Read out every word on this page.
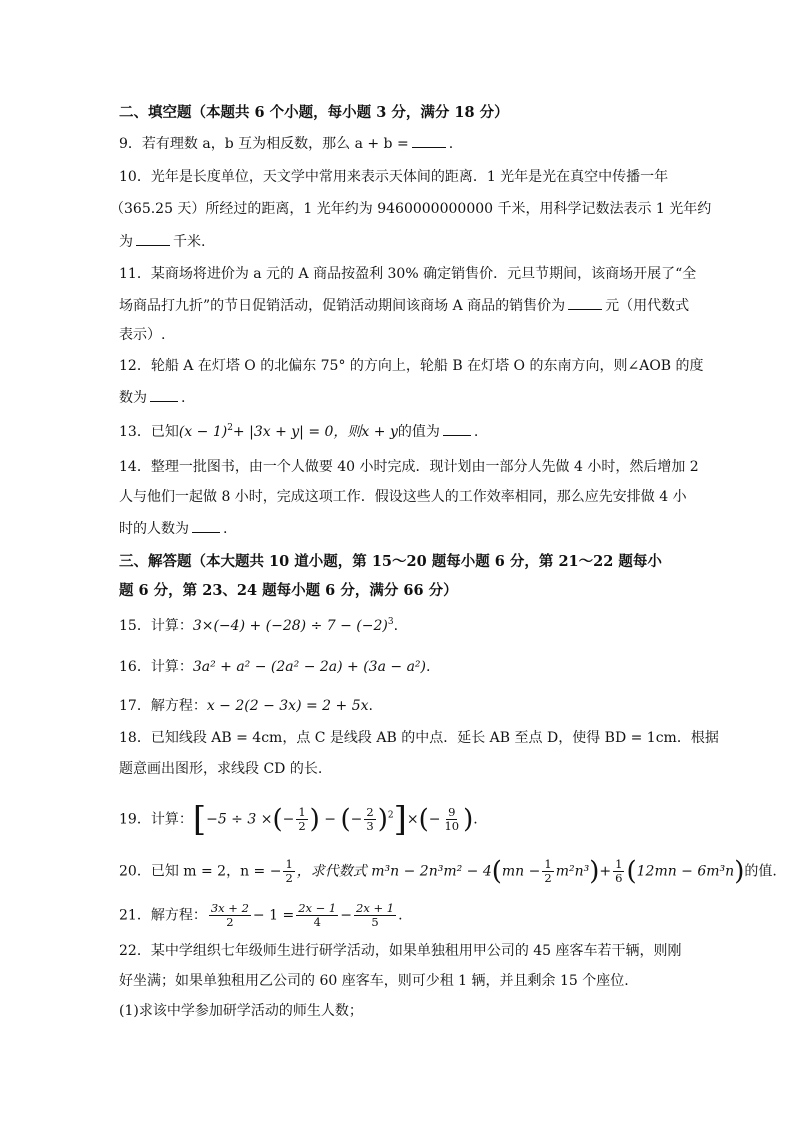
二、填空题（本题共 6 个小题，每小题 3 分，满分 18 分）
9．若有理数 a，b 互为相反数，那么 a + b =	.
10．光年是长度单位，天文学中常用来表示天体间的距离．1 光年是光在真空中传播一年
（365.25 天）所经过的距离，1 光年约为 9460000000000 千米，用科学记数法表示 1 光年约
为	千米.
11．某商场将进价为 a 元的 A 商品按盈利 30% 确定销售价．元旦节期间，该商场开展了“全
场商品打九折”的节日促销活动，促销活动期间该商场 A 商品的销售价为	元（用代数式
表示）.
12．轮船 A 在灯塔 O 的北偏东 75° 的方向上，轮船 B 在灯塔 O 的东南方向，则∠AOB 的度
数为 .
13．已知$(x - 1)^2+ |3x + y| = 0$，则x + y的值为 .
14．整理一批图书，由一个人做要 40 小时完成．现计划由一部分人先做 4 小时，然后增加 2
人与他们一起做 8 小时，完成这项工作．假设这些人的工作效率相同，那么应先安排做 4 小
时的人数为 .
三、解答题（本大题共 10 道小题，第 15～20 题每小题 6 分，第 21～22 题每小
题 6 分，第 23、24 题每小题 6 分，满分 66 分）
15．计算：$3\times(-4) + (-28) \div 7 - (-2)^3$.
16．计算：3a² + a² − (2a² − 2a) + (3a − a²).
17．解方程：x − 2(2 − 3x) = 2 + 5x.
18．已知线段 AB = 4cm，点 C 是线段 AB 的中点．延长 AB 至点 D，使得 BD = 1cm．根据
题意画出图形，求线段 CD 的长.
19．计算：[−5 ÷ 3 ×(− $\frac{1}{2}$ ) − (− $\frac{2}{3} )^2]\times(- \frac{9}{10}$ ).
20．已知 m = 2，n = − $\frac{1}{2}$ ，求代数式 $m^3n - 2n^3m^2 - 4(mn - \frac{1}{2} m^2n^3)+ \frac{1}{6} (12mn - 6m^3n)$的值.
21．解方程： $\frac{3x + 2}{2} - 1 = \frac{2x - 1}{4} - \frac{2x + 1}{5}$ .
22．某中学组织七年级师生进行研学活动，如果单独租用甲公司的 45 座客车若干辆，则刚
好坐满；如果单独租用乙公司的 60 座客车，则可少租 1 辆，并且剩余 15 个座位.
(1)求该中学参加研学活动的师生人数；
